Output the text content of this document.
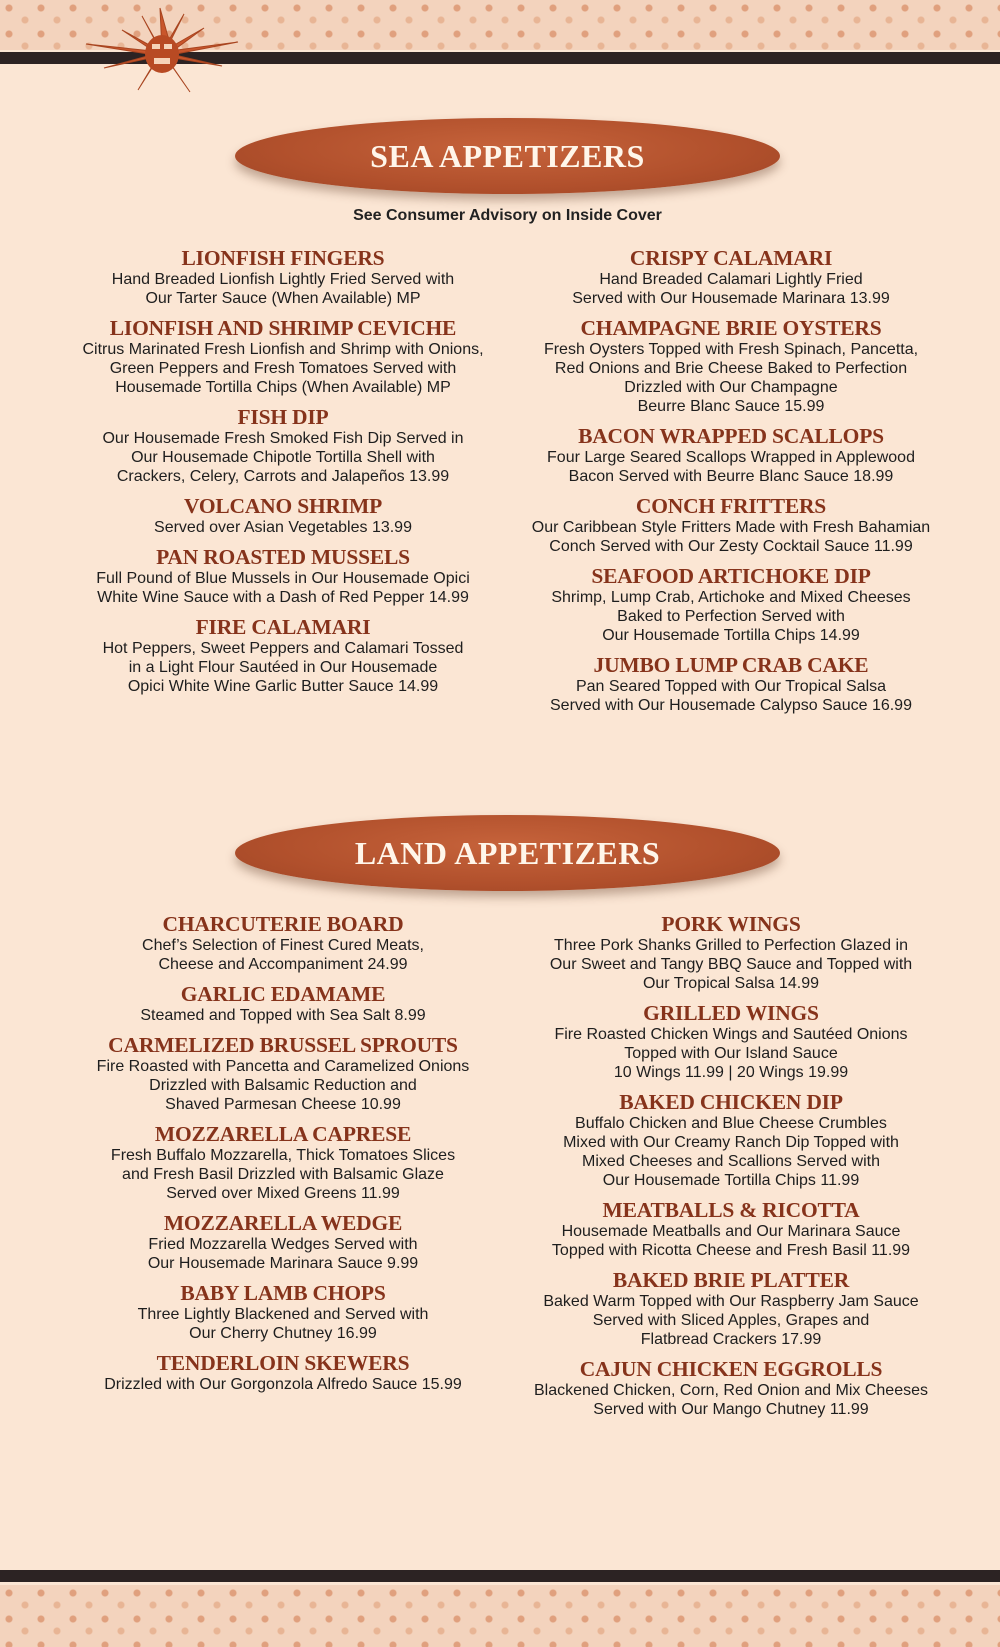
SEA APPETIZERS
See Consumer Advisory on Inside Cover
LIONFISH FINGERS
Hand Breaded Lionfish Lightly Fried Served with
Our Tarter Sauce (When Available) MP
LIONFISH AND SHRIMP CEVICHE
Citrus Marinated Fresh Lionfish and Shrimp with Onions,
Green Peppers and Fresh Tomatoes Served with
Housemade Tortilla Chips (When Available) MP
FISH DIP
Our Housemade Fresh Smoked Fish Dip Served in
Our Housemade Chipotle Tortilla Shell with
Crackers, Celery, Carrots and Jalapeños 13.99
VOLCANO SHRIMP
Served over Asian Vegetables 13.99
PAN ROASTED MUSSELS
Full Pound of Blue Mussels in Our Housemade Opici
White Wine Sauce with a Dash of Red Pepper 14.99
FIRE CALAMARI
Hot Peppers, Sweet Peppers and Calamari Tossed
in a Light Flour Sautéed in Our Housemade
Opici White Wine Garlic Butter Sauce 14.99
CRISPY CALAMARI
Hand Breaded Calamari Lightly Fried
Served with Our Housemade Marinara 13.99
CHAMPAGNE BRIE OYSTERS
Fresh Oysters Topped with Fresh Spinach, Pancetta,
Red Onions and Brie Cheese Baked to Perfection
Drizzled with Our Champagne
Beurre Blanc Sauce 15.99
BACON WRAPPED SCALLOPS
Four Large Seared Scallops Wrapped in Applewood
Bacon Served with Beurre Blanc Sauce 18.99
CONCH FRITTERS
Our Caribbean Style Fritters Made with Fresh Bahamian
Conch Served with Our Zesty Cocktail Sauce 11.99
SEAFOOD ARTICHOKE DIP
Shrimp, Lump Crab, Artichoke and Mixed Cheeses
Baked to Perfection Served with
Our Housemade Tortilla Chips 14.99
JUMBO LUMP CRAB CAKE
Pan Seared Topped with Our Tropical Salsa
Served with Our Housemade Calypso Sauce 16.99
LAND APPETIZERS
CHARCUTERIE BOARD
Chef’s Selection of Finest Cured Meats,
Cheese and Accompaniment 24.99
GARLIC EDAMAME
Steamed and Topped with Sea Salt 8.99
CARMELIZED BRUSSEL SPROUTS
Fire Roasted with Pancetta and Caramelized Onions
Drizzled with Balsamic Reduction and
Shaved Parmesan Cheese 10.99
MOZZARELLA CAPRESE
Fresh Buffalo Mozzarella, Thick Tomatoes Slices
and Fresh Basil Drizzled with Balsamic Glaze
Served over Mixed Greens 11.99
MOZZARELLA WEDGE
Fried Mozzarella Wedges Served with
Our Housemade Marinara Sauce 9.99
BABY LAMB CHOPS
Three Lightly Blackened and Served with
Our Cherry Chutney 16.99
TENDERLOIN SKEWERS
Drizzled with Our Gorgonzola Alfredo Sauce 15.99
PORK WINGS
Three Pork Shanks Grilled to Perfection Glazed in
Our Sweet and Tangy BBQ Sauce and Topped with
Our Tropical Salsa 14.99
GRILLED WINGS
Fire Roasted Chicken Wings and Sautéed Onions
Topped with Our Island Sauce
10 Wings 11.99 | 20 Wings 19.99
BAKED CHICKEN DIP
Buffalo Chicken and Blue Cheese Crumbles
Mixed with Our Creamy Ranch Dip Topped with
Mixed Cheeses and Scallions Served with
Our Housemade Tortilla Chips 11.99
MEATBALLS & RICOTTA
Housemade Meatballs and Our Marinara Sauce
Topped with Ricotta Cheese and Fresh Basil 11.99
BAKED BRIE PLATTER
Baked Warm Topped with Our Raspberry Jam Sauce
Served with Sliced Apples, Grapes and
Flatbread Crackers 17.99
CAJUN CHICKEN EGGROLLS
Blackened Chicken, Corn, Red Onion and Mix Cheeses
Served with Our Mango Chutney 11.99
